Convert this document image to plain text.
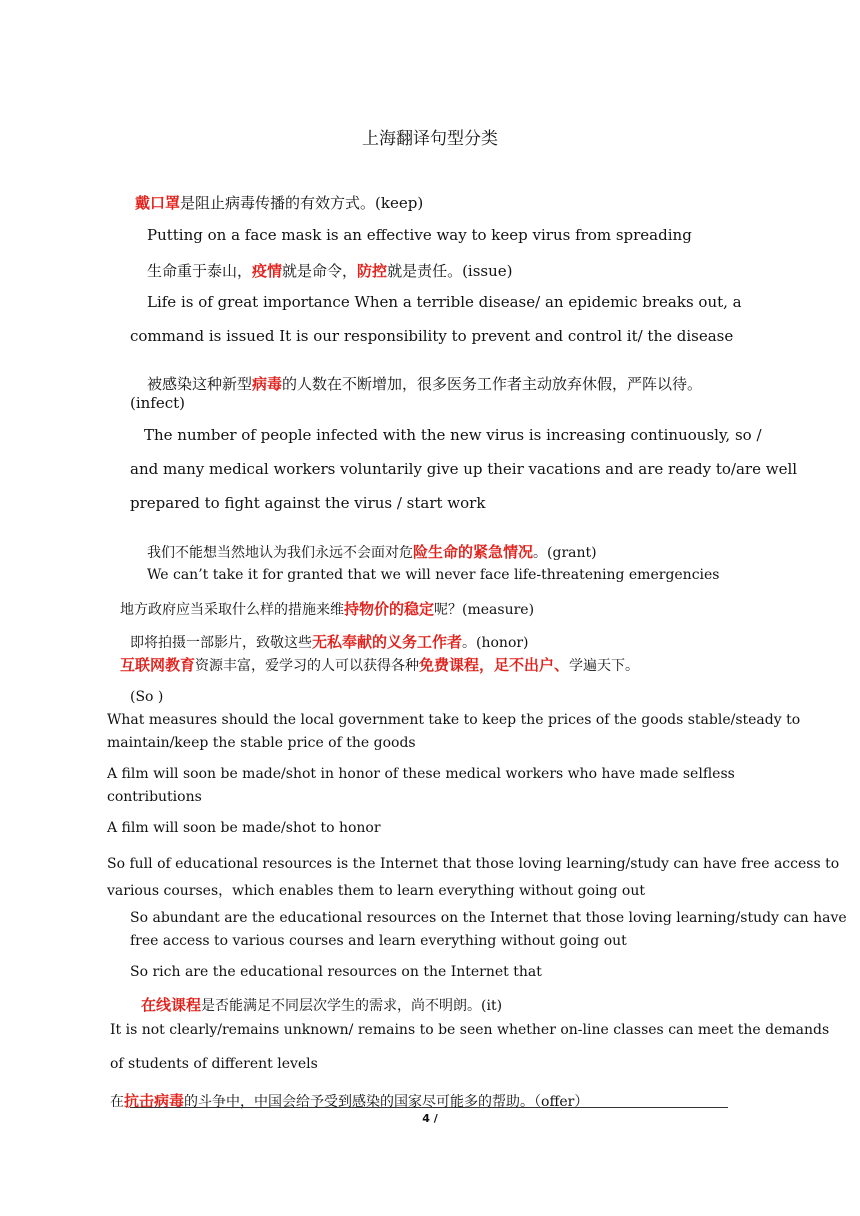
上海翻译句型分类
戴口罩是阻止病毒传播的有效方式。(keep)
Putting on a face mask is an effective way to keep virus from spreading
生命重于泰山，疫情就是命令，防控就是责任。(issue)
Life is of great importance When a terrible disease/ an epidemic breaks out, a
command is issued It is our responsibility to prevent and control it/ the disease
被感染这种新型病毒的人数在不断增加，很多医务工作者主动放弃休假，严阵以待。
(infect)
The number of people infected with the new virus is increasing continuously, so /
and many medical workers voluntarily give up their vacations and are ready to/are well
prepared to fight against the virus / start work
我们不能想当然地认为我们永远不会面对危险生命的紧急情况。(grant)
We can’t take it for granted that we will never face life-threatening emergencies
地方政府应当采取什么样的措施来维持物价的稳定呢？(measure)
即将拍摄一部影片，致敬这些无私奉献的义务工作者。(honor)
互联网教育资源丰富，爱学习的人可以获得各种免费课程，足不出户、学遍天下。
(So )
What measures should the local government take to keep the prices of the goods stable/steady to
maintain/keep the stable price of the goods
A film will soon be made/shot in honor of these medical workers who have made selfless
contributions
A film will soon be made/shot to honor
So full of educational resources is the Internet that those loving learning/study can have free access to
various courses，which enables them to learn everything without going out
So abundant are the educational resources on the Internet that those loving learning/study can have
free access to various courses and learn everything without going out
So rich are the educational resources on the Internet that
在线课程是否能满足不同层次学生的需求，尚不明朗。(it)
It is not clearly/remains unknown/ remains to be seen whether on-line classes can meet the demands
of students of different levels
在抗击病毒的斗争中，中国会给予受到感染的国家尽可能多的帮助。（offer）
4 /
